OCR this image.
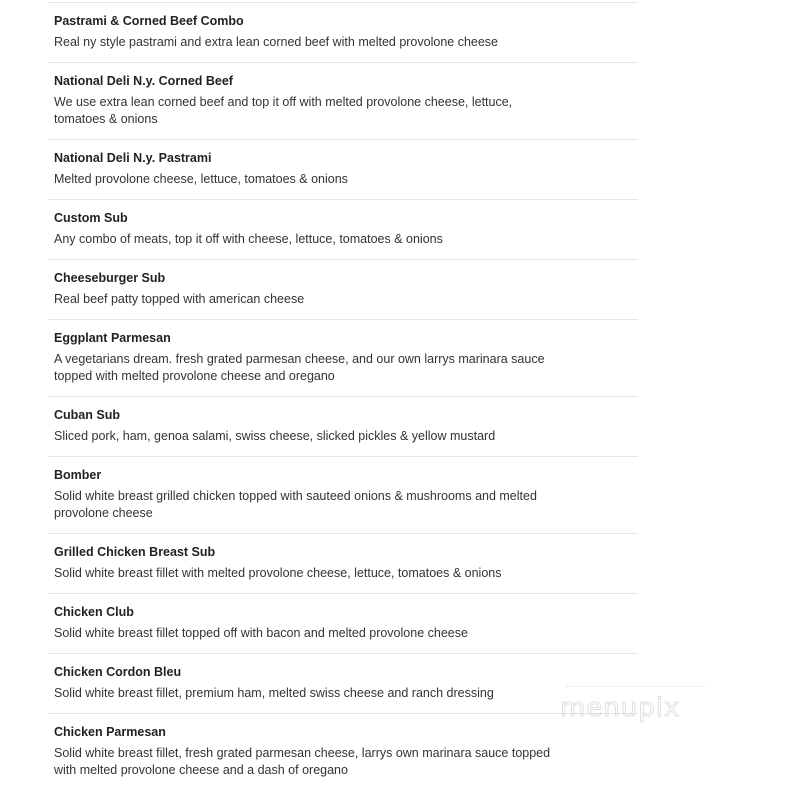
Pastrami & Corned Beef Combo
Real ny style pastrami and extra lean corned beef with melted provolone cheese
National Deli N.y. Corned Beef
We use extra lean corned beef and top it off with melted provolone cheese, lettuce, tomatoes & onions
National Deli N.y. Pastrami
Melted provolone cheese, lettuce, tomatoes & onions
Custom Sub
Any combo of meats, top it off with cheese, lettuce, tomatoes & onions
Cheeseburger Sub
Real beef patty topped with american cheese
Eggplant Parmesan
A vegetarians dream. fresh grated parmesan cheese, and our own larrys marinara sauce topped with melted provolone cheese and oregano
Cuban Sub
Sliced pork, ham, genoa salami, swiss cheese, slicked pickles & yellow mustard
Bomber
Solid white breast grilled chicken topped with sauteed onions & mushrooms and melted provolone cheese
Grilled Chicken Breast Sub
Solid white breast fillet with melted provolone cheese, lettuce, tomatoes & onions
Chicken Club
Solid white breast fillet topped off with bacon and melted provolone cheese
Chicken Cordon Bleu
Solid white breast fillet, premium ham, melted swiss cheese and ranch dressing
Chicken Parmesan
Solid white breast fillet, fresh grated parmesan cheese, larrys own marinara sauce topped with melted provolone cheese and a dash of oregano
menupix
